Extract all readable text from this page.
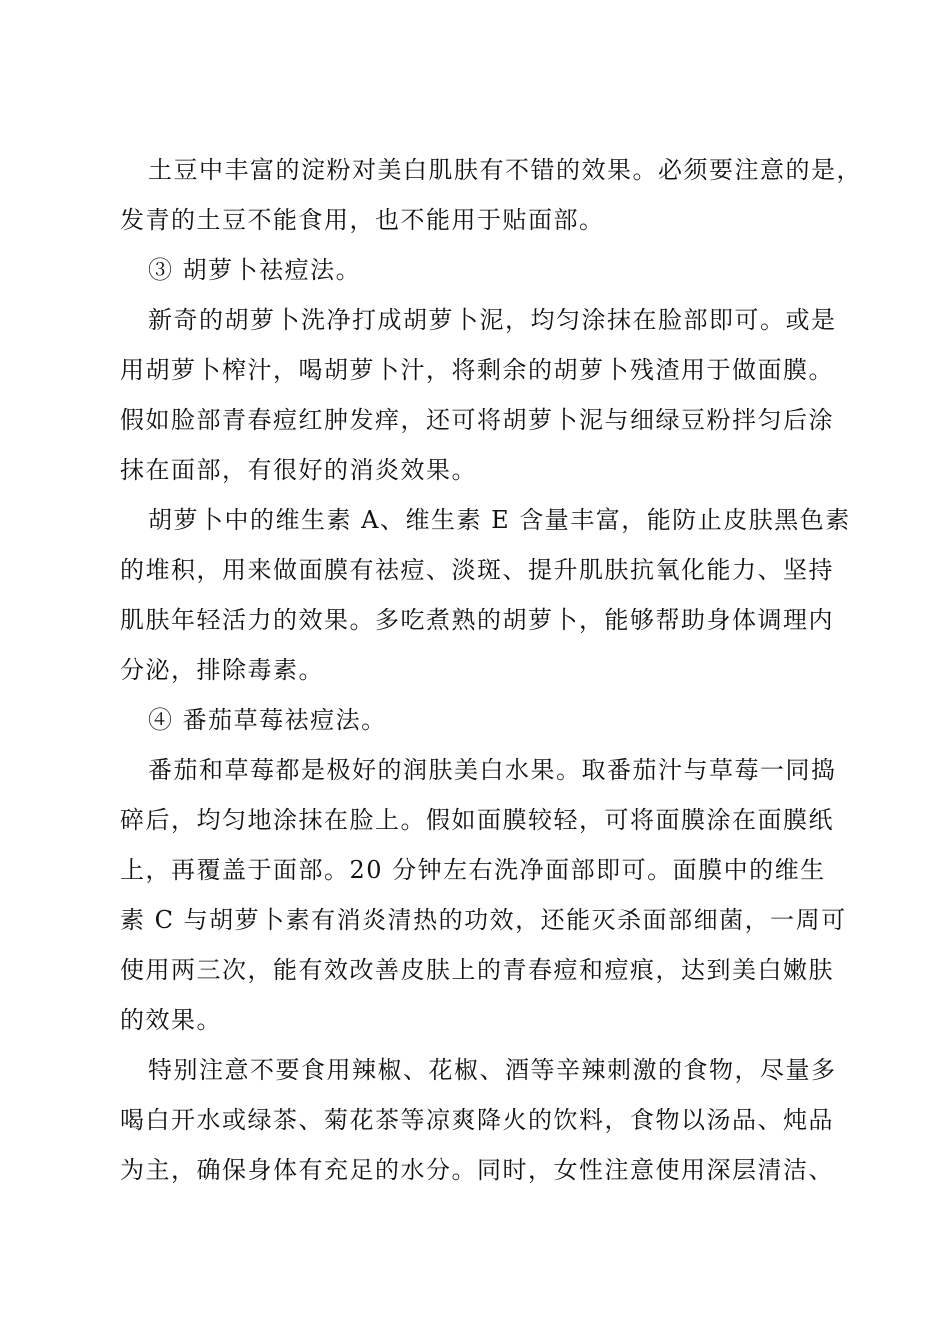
土豆中丰富的淀粉对美白肌肤有不错的效果。必须要注意的是，
发青的土豆不能食用，也不能用于贴面部。
③ 胡萝卜祛痘法。
新奇的胡萝卜洗净打成胡萝卜泥，均匀涂抹在脸部即可。或是
用胡萝卜榨汁，喝胡萝卜汁，将剩余的胡萝卜残渣用于做面膜。
假如脸部青春痘红肿发痒，还可将胡萝卜泥与细绿豆粉拌匀后涂
抹在面部，有很好的消炎效果。
胡萝卜中的维生素 A、维生素 E 含量丰富，能防止皮肤黑色素
的堆积，用来做面膜有祛痘、淡斑、提升肌肤抗氧化能力、坚持
肌肤年轻活力的效果。多吃煮熟的胡萝卜，能够帮助身体调理内
分泌，排除毒素。
④ 番茄草莓祛痘法。
番茄和草莓都是极好的润肤美白水果。取番茄汁与草莓一同捣
碎后，均匀地涂抹在脸上。假如面膜较轻，可将面膜涂在面膜纸
上，再覆盖于面部。20 分钟左右洗净面部即可。面膜中的维生
素 C 与胡萝卜素有消炎清热的功效，还能灭杀面部细菌，一周可
使用两三次，能有效改善皮肤上的青春痘和痘痕，达到美白嫩肤
的效果。
特别注意不要食用辣椒、花椒、酒等辛辣刺激的食物，尽量多
喝白开水或绿茶、菊花茶等凉爽降火的饮料，食物以汤品、炖品
为主，确保身体有充足的水分。同时，女性注意使用深层清洁、
